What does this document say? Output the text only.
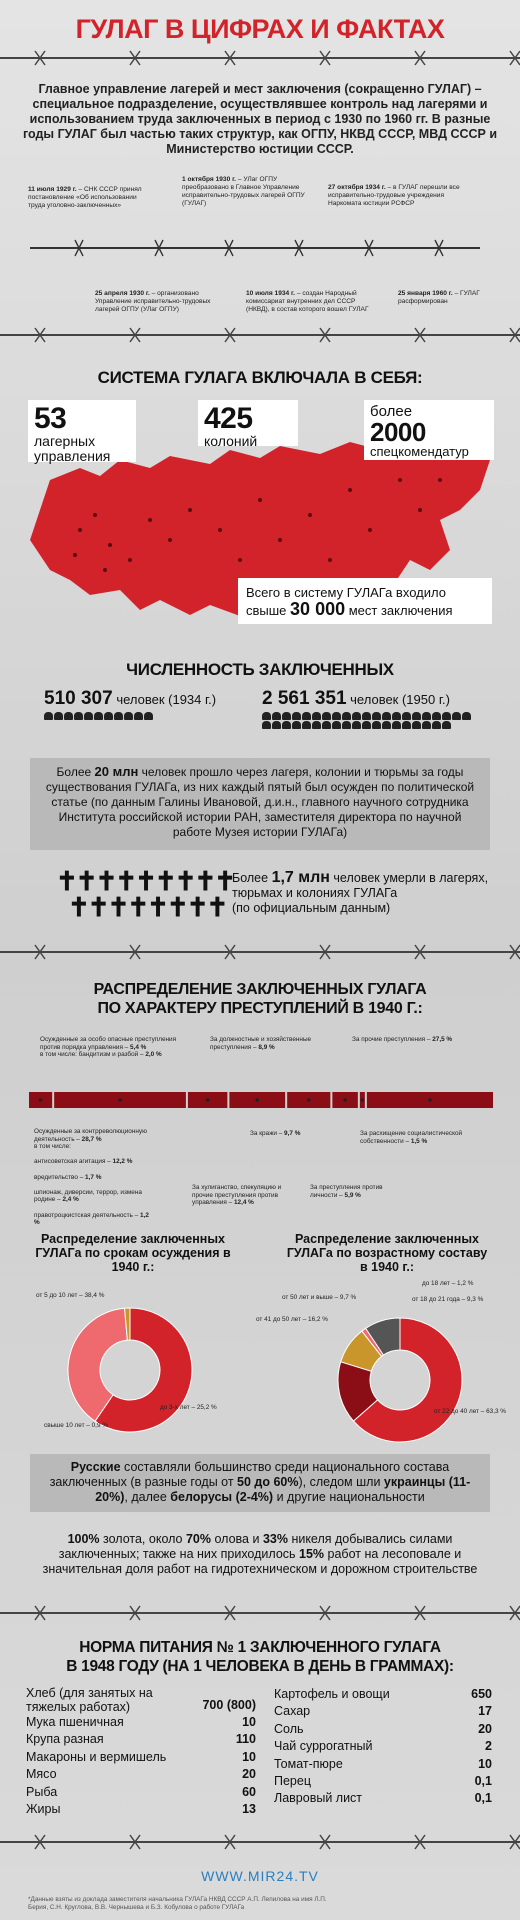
ГУЛАГ В ЦИФРАХ И ФАКТАХ
Главное управление лагерей и мест заключения (сокращенно ГУЛАГ) – специальное подразделение, осуществлявшее контроль над лагерями и использованием труда заключенных в период с 1930 по 1960 гг. В разные годы ГУЛАГ был частью таких структур, как ОГПУ, НКВД СССР, МВД СССР и Министерство юстиции СССР.
11 июля 1929 г. – СНК СССР принял постановление «Об использовании труда уголовно-заключенных»
1 октября 1930 г. – УЛаг ОГПУ преобразовано в Главное Управление исправительно-трудовых лагерей ОГПУ (ГУЛАГ)
27 октября 1934 г. – в ГУЛАГ перешли все исправительно-трудовые учреждения Наркомата юстиции РСФСР
25 апреля 1930 г. – организовано Управление исправительно-трудовых лагерей ОГПУ (УЛаг ОГПУ)
10 июля 1934 г. – создан Народный комиссариат внутренних дел СССР (НКВД), в состав которого вошел ГУЛАГ
25 января 1960 г. – ГУЛАГ расформирован
СИСТЕМА ГУЛАГА ВКЛЮЧАЛА В СЕБЯ:
53
лагерных управления
425
колоний
более
2000
спецкомендатур
Всего в систему ГУЛАГа входило свыше 30 000 мест заключения
ЧИСЛЕННОСТЬ ЗАКЛЮЧЕННЫХ
510 307 человек (1934 г.) 2 561 351 человек (1950 г.)
Более 20 млн человек прошло через лагеря, колонии и тюрьмы за годы существования ГУЛАГа, из них каждый пятый был осужден по политической статье (по данным Галины Ивановой, д.и.н., главного научного сотрудника Института российской истории РАН, заместителя директора по научной работе Музея истории ГУЛАГа)
✝✝✝✝✝✝✝✝✝
✝✝✝✝✝✝✝✝
Более 1,7 млн человек умерли в лагерях, тюрьмах и колониях ГУЛАГа
(по официальным данным)
РАСПРЕДЕЛЕНИЕ ЗАКЛЮЧЕННЫХ ГУЛАГА
ПО ХАРАКТЕРУ ПРЕСТУПЛЕНИЙ В 1940 Г.:
Осужденные за особо опасные преступления против порядка управления – 5,4 %
в том числе: бандитизм и разбой – 2,0 %
За должностные и хозяйственные преступления – 8,9 %
За прочие преступления – 27,5 %
Осужденные за контрреволюционную деятельность – 28,7 %
в том числе:

антисоветская агитация – 12,2 %

вредительство – 1,7 %

шпионаж, диверсии, террор, измена родине – 2,4 %

правотроцкистская деятельность – 1,2 %
За хулиганство, спекуляцию и прочие преступления против управления – 12,4 %
За кражи – 9,7 %
За преступления против личности – 5,9 %
За расхищение социалистической собственности – 1,5 %
Распределение заключенных ГУЛАГа по срокам осуждения в 1940 г.:
Распределение заключенных ГУЛАГа по возрастному составу в 1940 г.:
от 5 до 10 лет – 38,4 %
до 3-х лет – 25,2 %
свыше 10 лет – 0,9 %
от 22 до 40 лет – 63,3 %
от 41 до 50 лет – 16,2 %
от 50 лет и выше – 9,7 %
до 18 лет – 1,2 %
от 18 до 21 года – 9,3 %
Русские составляли большинство среди национального состава заключенных (в разные годы от 50 до 60%), следом шли украинцы (11-20%), далее белорусы (2-4%) и другие национальности
100% золота, около 70% олова и 33% никеля добывались силами заключенных; также на них приходилось 15% работ на лесоповале и значительная доля работ на гидротехническом и дорожном строительстве
НОРМА ПИТАНИЯ № 1 ЗАКЛЮЧЕННОГО ГУЛАГА
В 1948 ГОДУ (НА 1 ЧЕЛОВЕКА В ДЕНЬ В ГРАММАХ):
Хлеб (для занятых на тяжелых работах)	700 (800)
Мука пшеничная	10
Крупа разная	110
Макароны и вермишель	10
Мясо	20
Рыба	60
Жиры	13
Картофель и овощи	650
Сахар	17
Соль	20
Чай суррогатный	2
Томат-пюре	10
Перец	0,1
Лавровый лист	0,1
WWW.MIR24.TV
*Данные взяты из доклада заместителя начальника ГУЛАГа НКВД СССР А.П. Лепилова на имя Л.П. Берия, С.Н. Круглова, В.В. Чернышева и Б.З. Кобулова о работе ГУЛАГа
